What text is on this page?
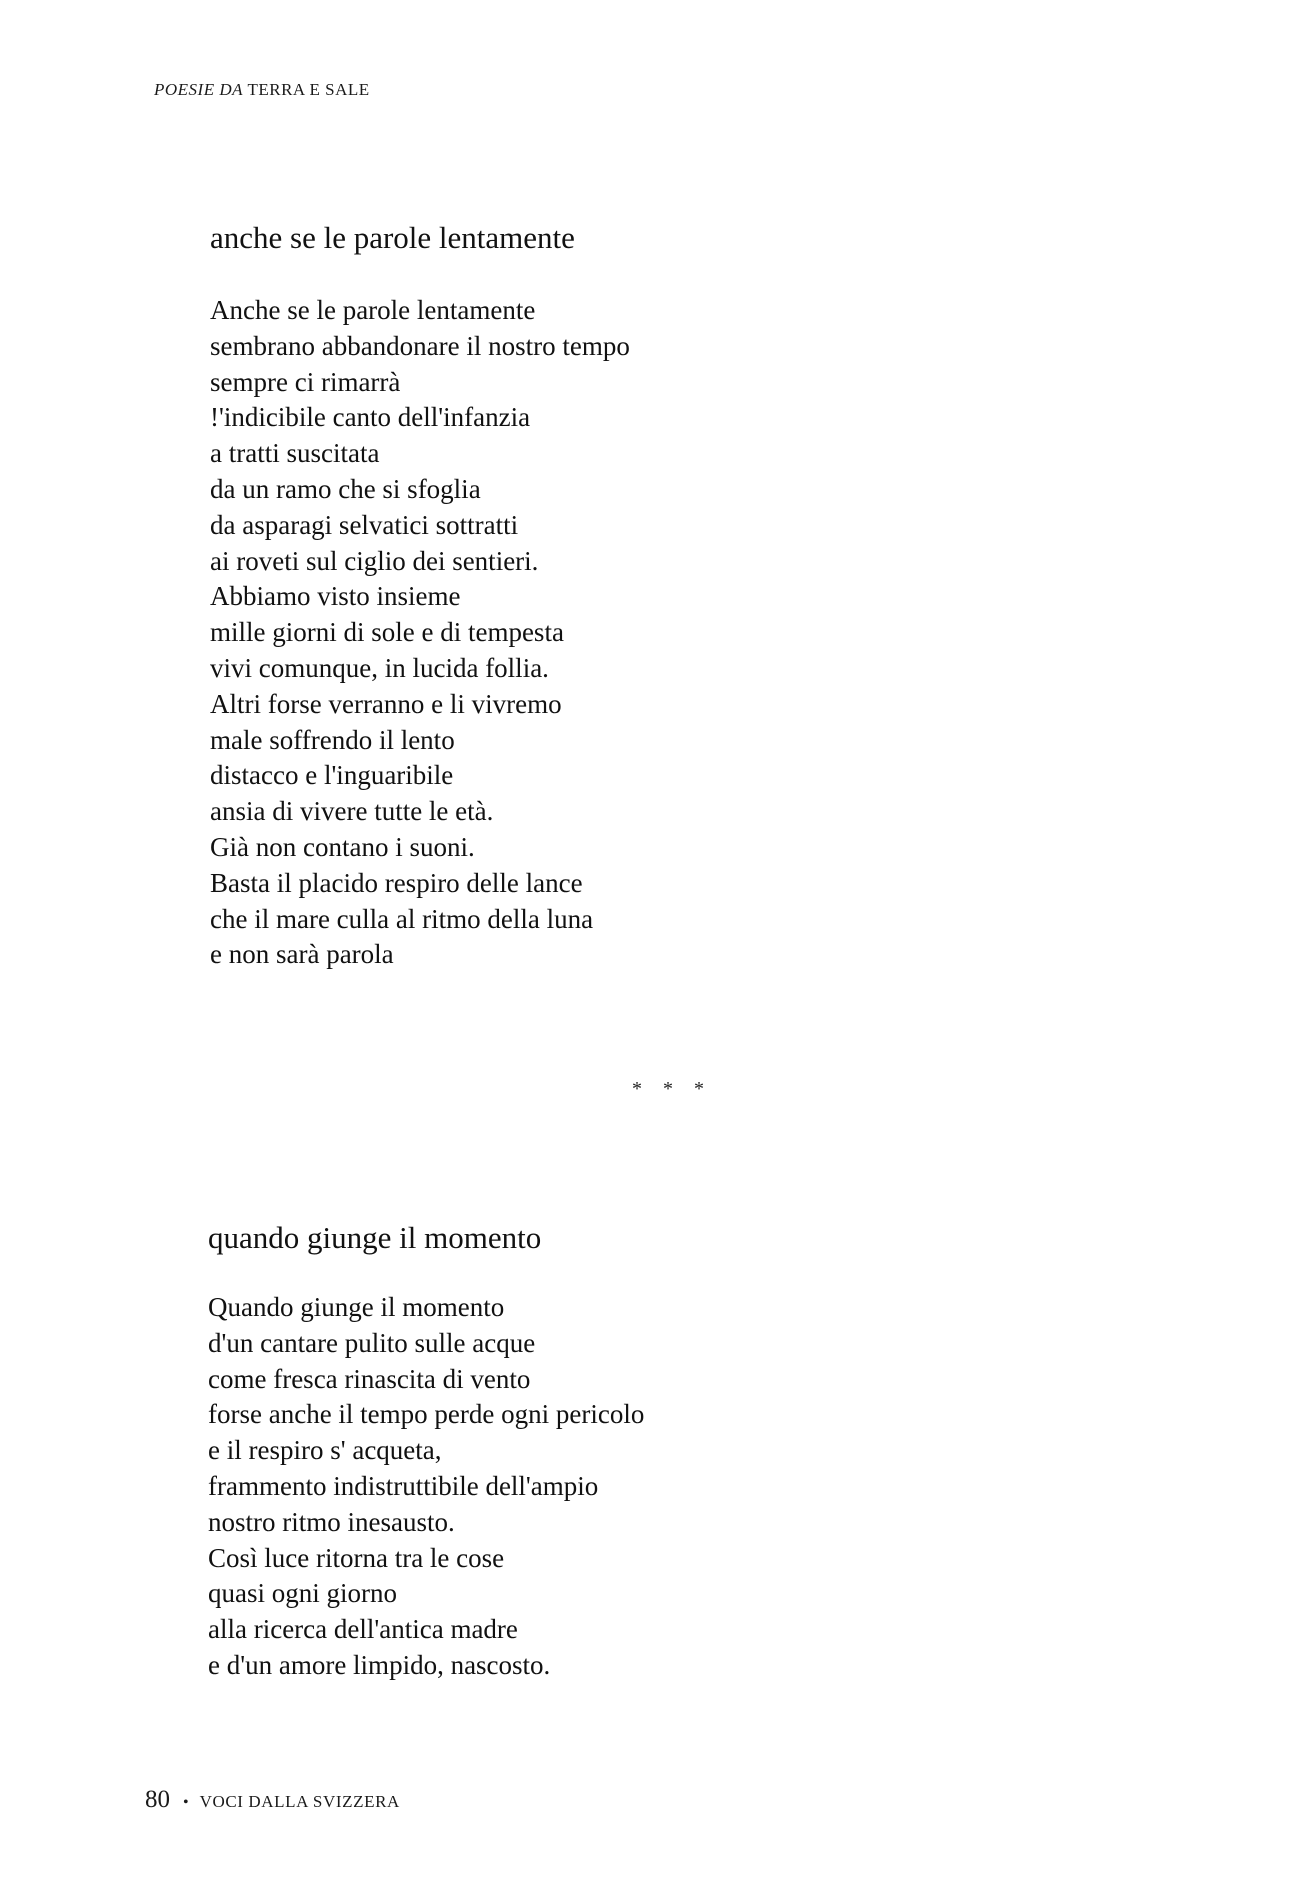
POESIE DA TERRA E SALE
anche se le parole lentamente
Anche se le parole lentamente
sembrano abbandonare il nostro tempo
sempre ci rimarrà
!'indicibile canto dell'infanzia
a tratti suscitata
da un ramo che si sfoglia
da asparagi selvatici sottratti
ai roveti sul ciglio dei sentieri.
Abbiamo visto insieme
mille giorni di sole e di tempesta
vivi comunque, in lucida follia.
Altri forse verranno e li vivremo
male soffrendo il lento
distacco e l'inguaribile
ansia di vivere tutte le età.
Già non contano i suoni.
Basta il placido respiro delle lance
che il mare culla al ritmo della luna
e non sarà parola
* * *
quando giunge il momento
Quando giunge il momento
d'un cantare pulito sulle acque
come fresca rinascita di vento
forse anche il tempo perde ogni pericolo
e il respiro s' acqueta,
frammento indistruttibile dell'ampio
nostro ritmo inesausto.
Così luce ritorna tra le cose
quasi ogni giorno
alla ricerca dell'antica madre
e d'un amore limpido, nascosto.
80 • VOCI DALLA SVIZZERA
